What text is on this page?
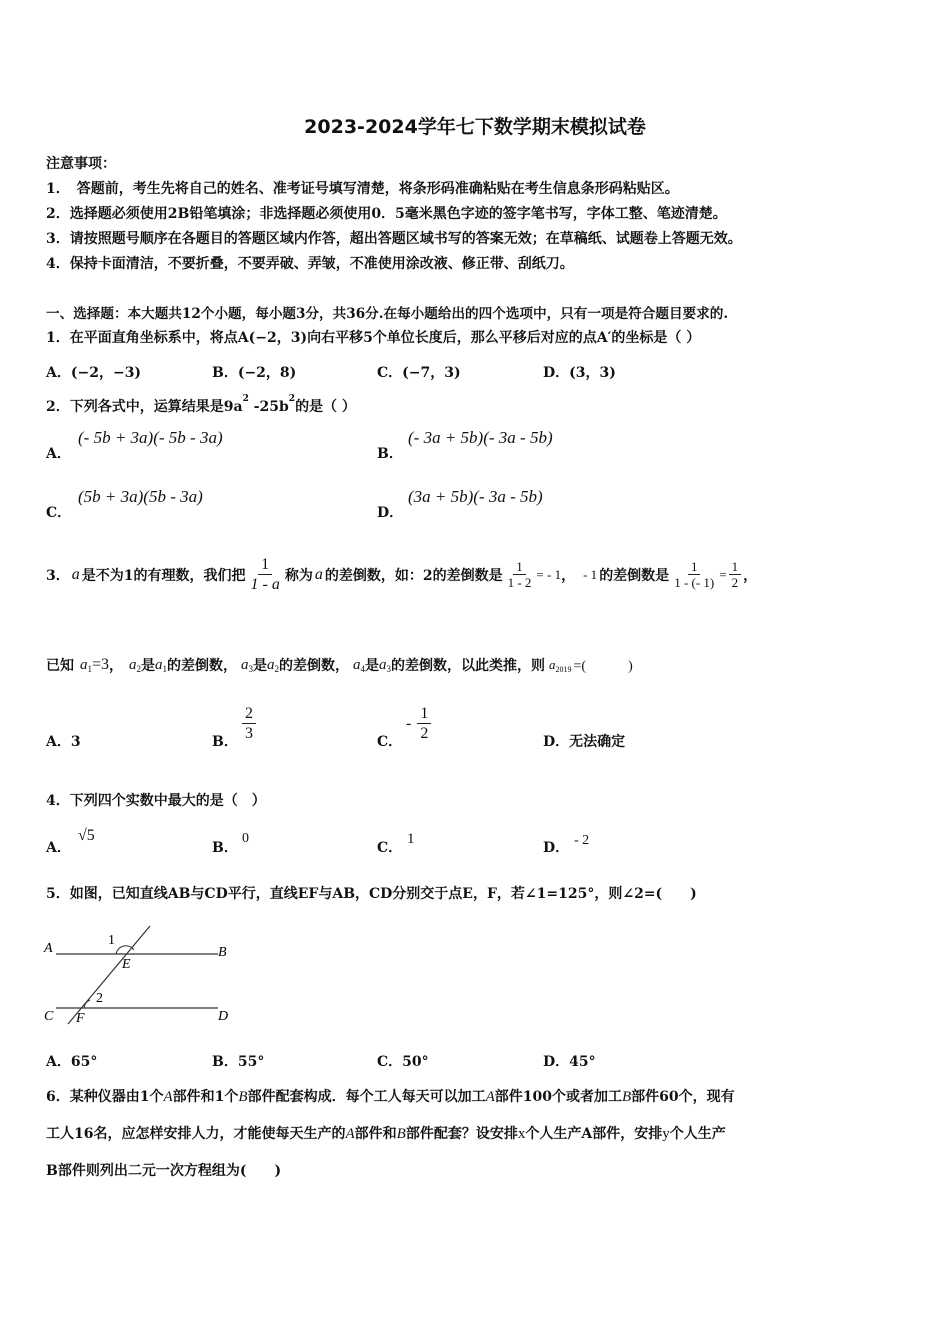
2023-2024学年七下数学期末模拟试卷
注意事项：
1．　答题前，考生先将自己的姓名、准考证号填写清楚，将条形码准确粘贴在考生信息条形码粘贴区。
2．选择题必须使用2B铅笔填涂；非选择题必须使用0．5毫米黑色字迹的签字笔书写，字体工整、笔迹清楚。
3．请按照题号顺序在各题目的答题区域内作答，超出答题区域书写的答案无效；在草稿纸、试题卷上答题无效。
4．保持卡面清洁，不要折叠，不要弄破、弄皱，不准使用涂改液、修正带、刮纸刀。
一、选择题：本大题共12个小题，每小题3分，共36分.在每小题给出的四个选项中，只有一项是符合题目要求的.
1．在平面直角坐标系中，将点A(−2，3)向右平移5个单位长度后，那么平移后对应的点A′的坐标是（ ）
A．(−2，−3)	B．(−2，8)	C．(−7，3)	D．(3，3)
2．下列各式中，运算结果是$9a^2$ $-25b^2$的是（ ）
A．
(- 5b + 3a)(- 5b - 3a)
B．
(- 3a + 5b)(- 3a - 5b)
C．
(5b + 3a)(5b - 3a)
D．
(3a + 5b)(- 3a - 5b)
3． a 是不为1的有理数，我们把 $\frac{1}{1 - a}$ 称为 a 的差倒数，如：2的差倒数是 $\frac{1}{1 - 2}$ = - 1 ， - 1 的差倒数是 $\frac{1}{1 - (- 1)} = \frac{1}{2}$ ，
已知 a 1 =3 ， a 2 是 a 1 的差倒数， a 3 是 a 2 的差倒数， a 4 是 a 3 的差倒数，以此类推，则 a 2019 =(　　　)
A．3	B． $\frac{2}{3}$	C．
- $\frac{1}{2}$	D．无法确定
4．下列四个实数中最大的是（　）
A．
√5
B．
0
C．
1
D． - 2
5．如图，已知直线AB与CD平行，直线EF与AB，CD分别交于点E，F，若∠1=125°，则∠2=(　　)
A	B
C	D
E
F
1
2
A．65°	B．55°	C．50°	D．45°
6．某种仪器由1个A部件和1个B部件配套构成．每个工人每天可以加工A部件100个或者加工B部件60个，现有
工人16名，应怎样安排人力，才能使每天生产的A部件和B部件配套？设安排x个人生产A部件，安排y个人生产
B部件则列出二元一次方程组为(　　)
